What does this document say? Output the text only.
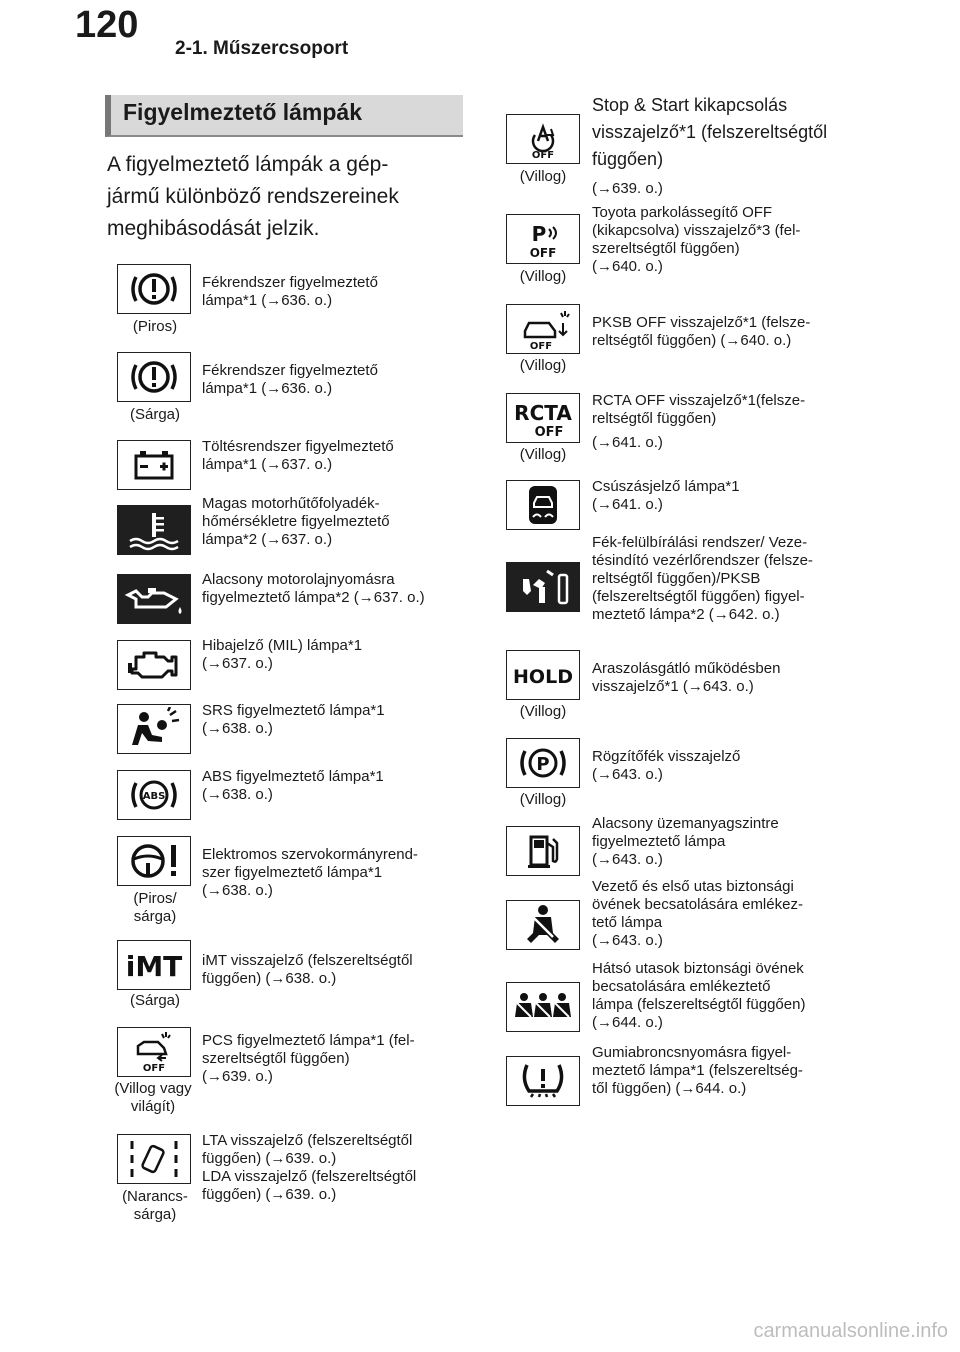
120
2-1. Műszercsoport
Figyelmeztető lámpák
A figyelmeztető lámpák a gép-
jármű különböző rendszereinek
meghibásodását jelzik.
(Piros)
Fékrendszer figyelmeztető
lámpa*1 (→636. o.)
(Sárga)
Fékrendszer figyelmeztető
lámpa*1 (→636. o.)
Töltésrendszer figyelmeztető
lámpa*1 (→637. o.)
Magas motorhűtőfolyadék-
hőmérsékletre figyelmeztető
lámpa*2 (→637. o.)
Alacsony motorolajnyomásra
figyelmeztető lámpa*2 (→637. o.)
Hibajelző (MIL) lámpa*1
(→637. o.)
SRS figyelmeztető lámpa*1
(→638. o.)
ABS
ABS figyelmeztető lámpa*1
(→638. o.)
(Piros/
sárga)
Elektromos szervokormányrend-
szer figyelmeztető lámpa*1
(→638. o.)
iMT
(Sárga)
iMT visszajelző (felszereltségtől
függően) (→638. o.)
OFF
(Villog vagy
világít)
PCS figyelmeztető lámpa*1 (fel-
szereltségtől függően)
(→639. o.)
(Narancs-
sárga)
LTA visszajelző (felszereltségtől
függően) (→639. o.)
LDA visszajelző (felszereltségtől
függően) (→639. o.)
OFF
(Villog)
Stop & Start kikapcsolás
visszajelző*1 (felszereltségtől
függően)
(→639. o.)
P
OFF
(Villog)
Toyota parkolássegítő OFF
(kikapcsolva) visszajelző*3 (fel-
szereltségtől függően)
(→640. o.)
OFF
(Villog)
PKSB OFF visszajelző*1 (felsze-
reltségtől függően) (→640. o.)
RCTA
OFF
(Villog)
RCTA OFF visszajelző*1(felsze-
reltségtől függően)
(→641. o.)
Csúszásjelző lámpa*1
(→641. o.)
Fék-felülbírálási rendszer/ Veze-
tésindító vezérlőrendszer (felsze-
reltségtől függően)/PKSB
(felszereltségtől függően) figyel-
meztető lámpa*2 (→642. o.)
HOLD
(Villog)
Araszolásgátló működésben
visszajelző*1 (→643. o.)
P
(Villog)
Rögzítőfék visszajelző
(→643. o.)
Alacsony üzemanyagszintre
figyelmeztető lámpa
(→643. o.)
Vezető és első utas biztonsági
övének becsatolására emlékez-
tető lámpa
(→643. o.)
Hátsó utasok biztonsági övének
becsatolására emlékeztető
lámpa (felszereltségtől függően)
(→644. o.)
Gumiabroncsnyomásra figyel-
meztető lámpa*1 (felszereltség-
től függően) (→644. o.)
carmanualsonline.info
